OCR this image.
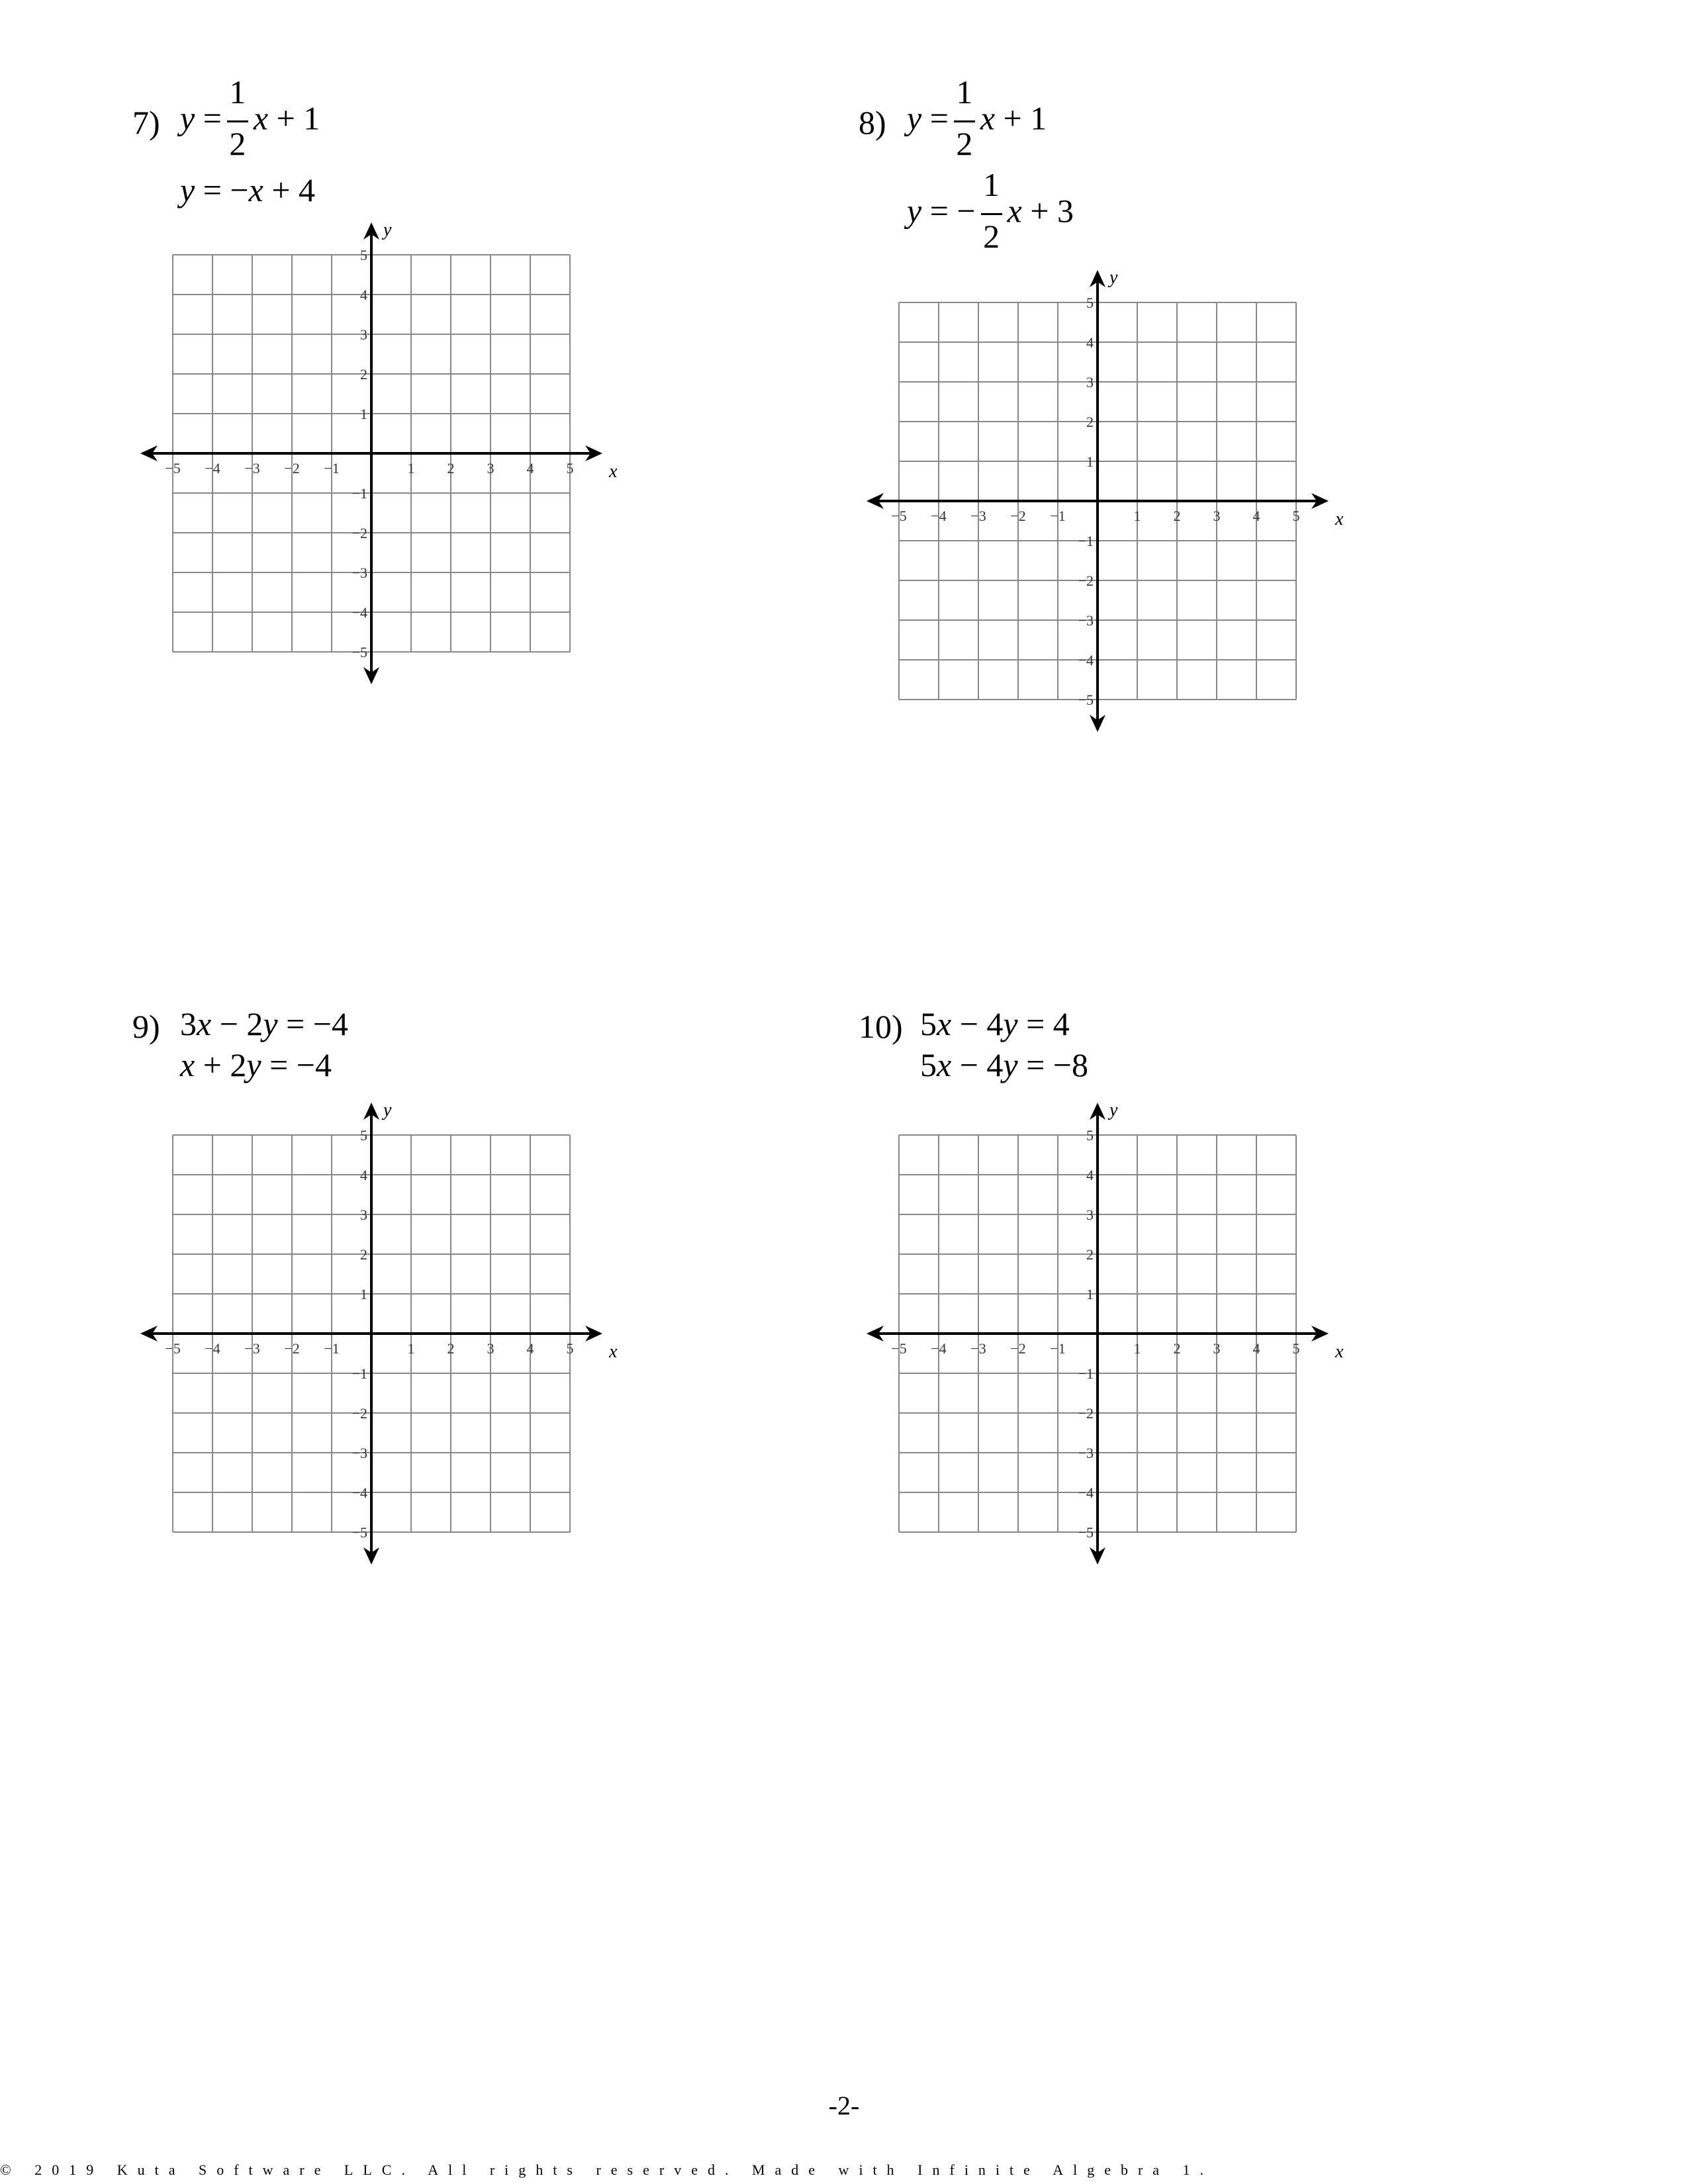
7) $y = \frac{1}{2}$ x + 1
y = −x + 4
−5 −4 −3 −2 −1	1 2 3 4 5
5
4
3
2
1
−1
−2
−3
−4
−5
x
y
8) $y = \frac{1}{2}$ x + 1
y = − $\frac{1}{2}$ x + 3
−5 −4 −3 −2 −1	1 2 3 4 5
5
4
3
2
1
−1
−2
−3
−4
−5
x
y
9) 3x − 2y = −4
x + 2y = −4
−5 −4 −3 −2 −1	1 2 3 4 5
5
4
3
2
1
−1
−2
−3
−4
−5
x
y
10) 5x − 4y = 4
5x − 4y = −8
−5 −4 −3 −2 −1	1 2 3 4 5
5
4
3
2
1
−1
−2
−3
−4
−5
x
y
-2-
© 2019 Kuta Software LLC. All rights reserved. Made with Infinite Algebra 1.
